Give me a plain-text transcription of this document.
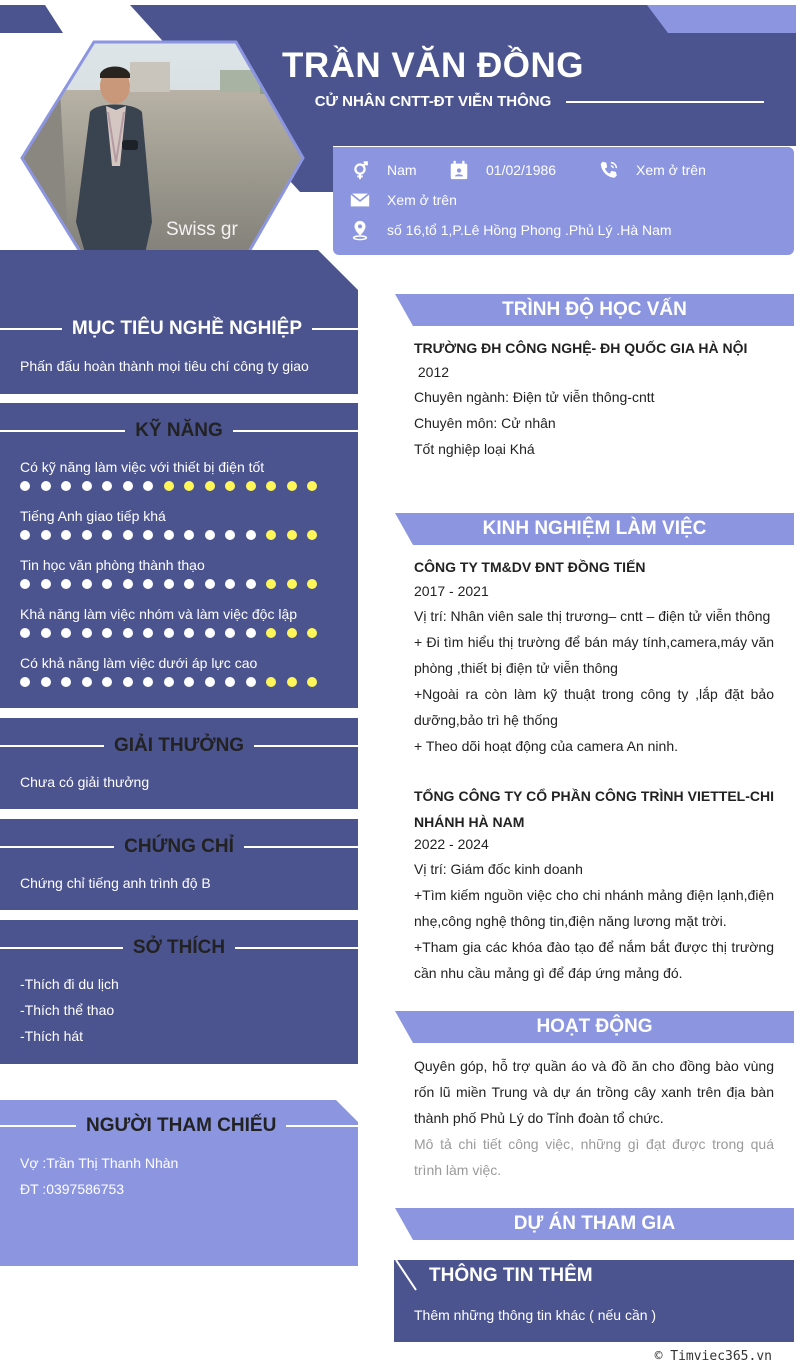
TRẦN VĂN ĐỒNG
CỬ NHÂN CNTT-ĐT VIỄN THÔNG
Nam	01/02/1986	Xem ở trên
Xem ở trên
số 16,tổ 1,P.Lê Hồng Phong .Phủ Lý .Hà Nam
Swiss gr
MỤC TIÊU NGHỀ NGHIỆP
Phấn đấu hoàn thành mọi tiêu chí công ty giao
KỸ NĂNG
Có kỹ năng làm việc với thiết bị điện tốt
Tiếng Anh giao tiếp khá
Tin học văn phòng thành thạo
Khả năng làm việc nhóm và làm việc độc lập
Có khả năng làm việc dưới áp lực cao
GIẢI THƯỞNG
Chưa có giải thưởng
CHỨNG CHỈ
Chứng chỉ tiếng anh trình độ B
SỞ THÍCH
-Thích đi du lịch
-Thích thể thao
-Thích hát
NGƯỜI THAM CHIẾU
Vợ :Trần Thị Thanh Nhàn
ĐT :0397586753
TRÌNH ĐỘ HỌC VẤN
TRƯỜNG ĐH CÔNG NGHỆ- ĐH QUỐC GIA HÀ NỘI
2012
Chuyên ngành: Điện tử viễn thông-cntt
Chuyên môn: Cử nhân
Tốt nghiệp loại Khá
KINH NGHIỆM LÀM VIỆC
CÔNG TY TM&DV ĐNT ĐỒNG TIẾN
2017 - 2021
Vị trí: Nhân viên sale thị trương– cntt – điện tử viễn thông
+ Đi tìm hiểu thị trường để bán máy tính,camera,máy văn phòng ,thiết bị điện tử viễn thông
+Ngoài ra còn làm kỹ thuật trong công ty ,lắp đặt bảo dưỡng,bảo trì hệ thống
+ Theo dõi hoạt động của camera An ninh.
TỔNG CÔNG TY CỔ PHẦN CÔNG TRÌNH VIETTEL-CHI NHÁNH HÀ NAM
2022 - 2024
Vị trí: Giám đốc kinh doanh
+Tìm kiếm nguồn việc cho chi nhánh mảng điện lạnh,điện nhẹ,công nghệ thông tin,điện năng lương mặt trời.
+Tham gia các khóa đào tạo để nắm bắt được thị trường cần nhu cầu mảng gì để đáp ứng mảng đó.
HOẠT ĐỘNG
Quyên góp, hỗ trợ quần áo và đồ ăn cho đồng bào vùng rốn lũ miền Trung và dự án trồng cây xanh trên địa bàn thành phố Phủ Lý do Tỉnh đoàn tổ chức.
Mô tả chi tiết công việc, những gì đạt được trong quá trình làm việc.
DỰ ÁN THAM GIA
THÔNG TIN THÊM
Thêm những thông tin khác ( nếu cần )
© Timviec365.vn
